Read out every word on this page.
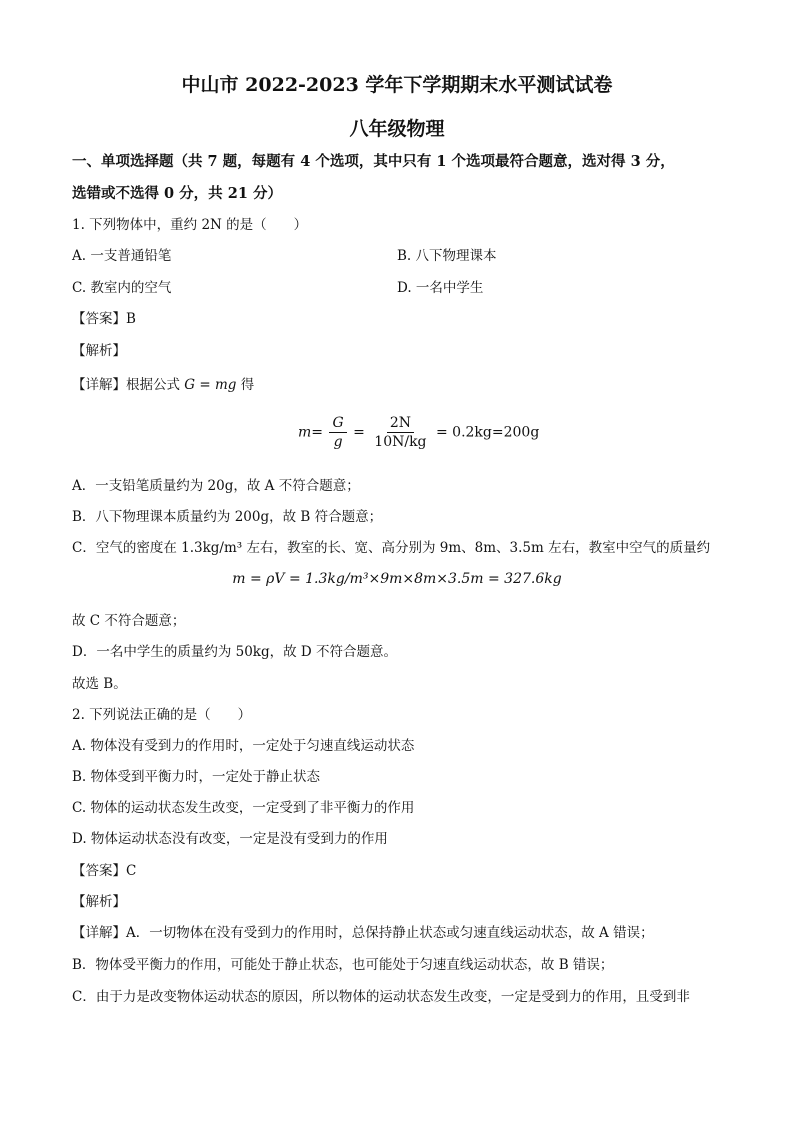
中山市 2022-2023 学年下学期期末水平测试试卷
八年级物理
一、单项选择题（共 7 题，每题有 4 个选项，其中只有 1 个选项最符合题意，选对得 3 分，
选错或不选得 0 分，共 21 分）
1. 下列物体中，重约 2N 的是（　　）
A. 一支普通铅笔	B. 八下物理课本
C. 教室内的空气	D. 一名中学生
【答案】B
【解析】
【详解】根据公式 G = mg 得
$m= \frac{G}{g} = \frac{2N}{10N/kg} = 0.2kg=200g$
A．一支铅笔质量约为 20g，故 A 不符合题意；
B．八下物理课本质量约为 200g，故 B 符合题意；
C．空气的密度在 1.3kg/m³ 左右，教室的长、宽、高分别为 9m、8m、3.5m 左右，教室中空气的质量约
m = ρV = 1.3kg/m³×9m×8m×3.5m = 327.6kg
故 C 不符合题意；
D．一名中学生的质量约为 50kg，故 D 不符合题意。
故选 B。
2. 下列说法正确的是（　　）
A. 物体没有受到力的作用时，一定处于匀速直线运动状态
B. 物体受到平衡力时，一定处于静止状态
C. 物体的运动状态发生改变，一定受到了非平衡力的作用
D. 物体运动状态没有改变，一定是没有受到力的作用
【答案】C
【解析】
【详解】A．一切物体在没有受到力的作用时，总保持静止状态或匀速直线运动状态，故 A 错误；
B．物体受平衡力的作用，可能处于静止状态，也可能处于匀速直线运动状态，故 B 错误；
C．由于力是改变物体运动状态的原因，所以物体的运动状态发生改变，一定是受到力的作用，且受到非
